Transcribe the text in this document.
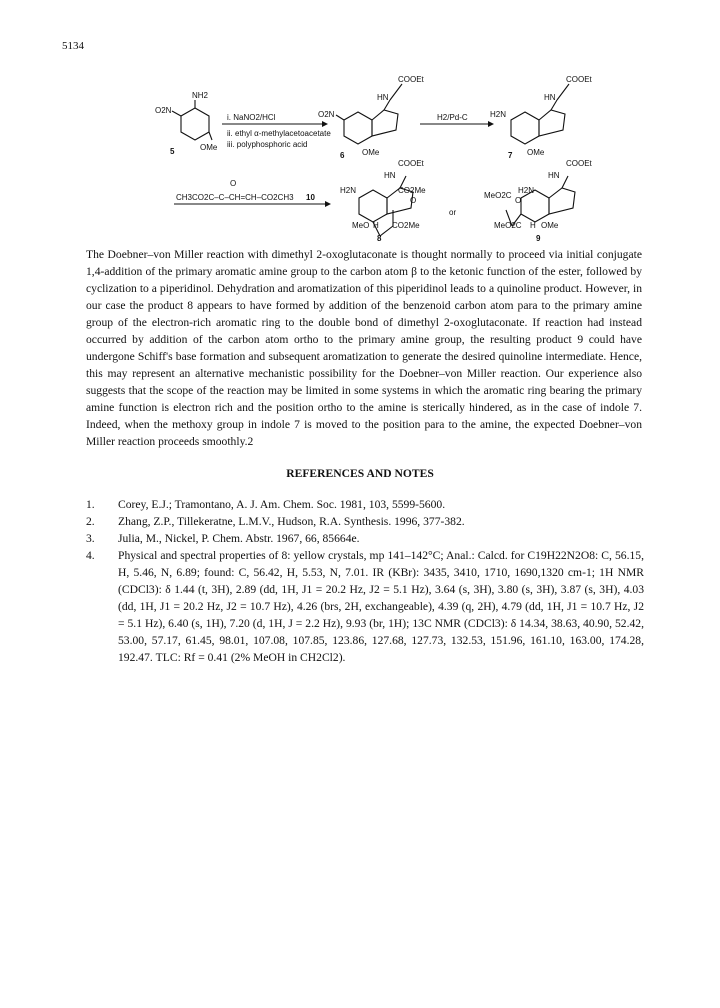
5134
NH2
O2N
OMe
5
i. NaNO2/HCl
ii. ethyl α-methylacetoacetate
iii. polyphosphoric acid
COOEt
HN
O2N
OMe
6
H2/Pd-C
COOEt
HN
H2N
OMe
7
O
CH3CO2C–C–CH=CH–CO2CH3 10
COOEt
HN
H2N	CO2Me
O
MeO H CO2Me
8
or
COOEt
HN
MeO2C
H2N
O
MeO2C H OMe
9

The Doebner–von Miller reaction with dimethyl 2-oxoglutaconate is thought normally to proceed via initial conjugate 1,4-addition of the primary aromatic amine group to the carbon atom β to the ketonic function of the ester, followed by cyclization to a piperidinol. Dehydration and aromatization of this piperidinol leads to a quinoline product. However, in our case the product 8 appears to have formed by addition of the benzenoid carbon atom para to the primary amine group of the electron-rich aromatic ring to the double bond of dimethyl 2-oxoglutaconate. If reaction had instead occurred by addition of the carbon atom ortho to the primary amine group, the resulting product 9 could have undergone Schiff's base formation and subsequent aromatization to generate the desired quinoline intermediate. Hence, this may represent an alternative mechanistic possibility for the Doebner–von Miller reaction. Our experience also suggests that the scope of the reaction may be limited in some systems in which the aromatic ring bearing the primary amine function is electron rich and the position ortho to the amine is sterically hindered, as in the case of indole 7. Indeed, when the methoxy group in indole 7 is moved to the position para to the amine, the expected Doebner–von Miller reaction proceeds smoothly.2

REFERENCES AND NOTES
1. Corey, E.J.; Tramontano, A. J. Am. Chem. Soc. 1981, 103, 5599-5600.
2. Zhang, Z.P., Tillekeratne, L.M.V., Hudson, R.A. Synthesis. 1996, 377-382.
3. Julia, M., Nickel, P. Chem. Abstr. 1967, 66, 85664e.
4. Physical and spectral properties of 8: yellow crystals, mp 141–142°C; Anal.: Calcd. for C19H22N2O8: C, 56.15, H, 5.46, N, 6.89; found: C, 56.42, H, 5.53, N, 7.01. IR (KBr): 3435, 3410, 1710, 1690,1320 cm-1; 1H NMR (CDCl3): δ 1.44 (t, 3H), 2.89 (dd, 1H, J1 = 20.2 Hz, J2 = 5.1 Hz), 3.64 (s, 3H), 3.80 (s, 3H), 3.87 (s, 3H), 4.03 (dd, 1H, J1 = 20.2 Hz, J2 = 10.7 Hz), 4.26 (brs, 2H, exchangeable), 4.39 (q, 2H), 4.79 (dd, 1H, J1 = 10.7 Hz, J2 = 5.1 Hz), 6.40 (s, 1H), 7.20 (d, 1H, J = 2.2 Hz), 9.93 (br, 1H); 13C NMR (CDCl3): δ 14.34, 38.63, 40.90, 52.42, 53.00, 57.17, 61.45, 98.01, 107.08, 107.85, 123.86, 127.68, 127.73, 132.53, 151.96, 161.10, 163.00, 174.28, 192.47. TLC: Rf = 0.41 (2% MeOH in CH2Cl2).
